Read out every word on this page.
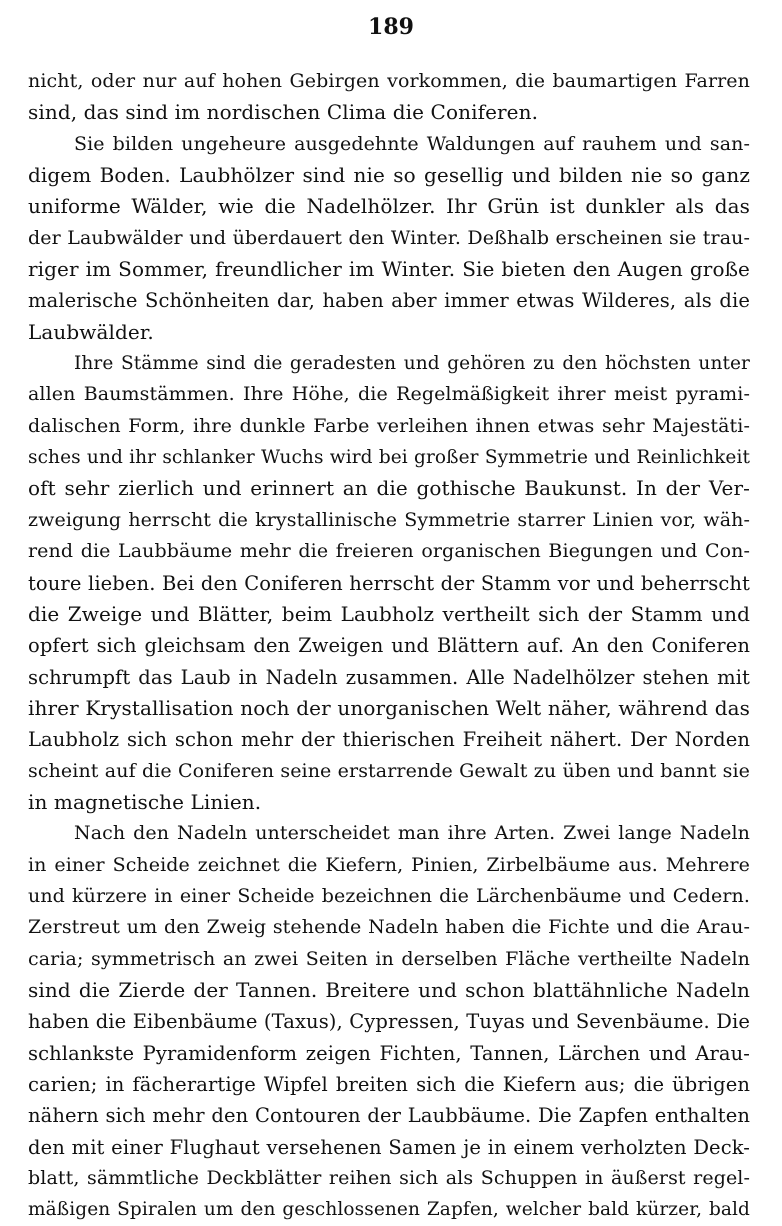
189
nicht, oder nur auf hohen Gebirgen vorkommen, die baumartigen Farren
sind, das sind im nordischen Clima die Coniferen.
Sie bilden ungeheure ausgedehnte Waldungen auf rauhem und san-
digem Boden. Laubhölzer sind nie so gesellig und bilden nie so ganz
uniforme Wälder, wie die Nadelhölzer. Ihr Grün ist dunkler als das
der Laubwälder und überdauert den Winter. Deßhalb erscheinen sie trau-
riger im Sommer, freundlicher im Winter. Sie bieten den Augen große
malerische Schönheiten dar, haben aber immer etwas Wilderes, als die
Laubwälder.
Ihre Stämme sind die geradesten und gehören zu den höchsten unter
allen Baumstämmen. Ihre Höhe, die Regelmäßigkeit ihrer meist pyrami-
dalischen Form, ihre dunkle Farbe verleihen ihnen etwas sehr Majestäti-
sches und ihr schlanker Wuchs wird bei großer Symmetrie und Reinlichkeit
oft sehr zierlich und erinnert an die gothische Baukunst. In der Ver-
zweigung herrscht die krystallinische Symmetrie starrer Linien vor, wäh-
rend die Laubbäume mehr die freieren organischen Biegungen und Con-
toure lieben. Bei den Coniferen herrscht der Stamm vor und beherrscht
die Zweige und Blätter, beim Laubholz vertheilt sich der Stamm und
opfert sich gleichsam den Zweigen und Blättern auf. An den Coniferen
schrumpft das Laub in Nadeln zusammen. Alle Nadelhölzer stehen mit
ihrer Krystallisation noch der unorganischen Welt näher, während das
Laubholz sich schon mehr der thierischen Freiheit nähert. Der Norden
scheint auf die Coniferen seine erstarrende Gewalt zu üben und bannt sie
in magnetische Linien.
Nach den Nadeln unterscheidet man ihre Arten. Zwei lange Nadeln
in einer Scheide zeichnet die Kiefern, Pinien, Zirbelbäume aus. Mehrere
und kürzere in einer Scheide bezeichnen die Lärchenbäume und Cedern.
Zerstreut um den Zweig stehende Nadeln haben die Fichte und die Arau-
caria; symmetrisch an zwei Seiten in derselben Fläche vertheilte Nadeln
sind die Zierde der Tannen. Breitere und schon blattähnliche Nadeln
haben die Eibenbäume (Taxus), Cypressen, Tuyas und Sevenbäume. Die
schlankste Pyramidenform zeigen Fichten, Tannen, Lärchen und Arau-
carien; in fächerartige Wipfel breiten sich die Kiefern aus; die übrigen
nähern sich mehr den Contouren der Laubbäume. Die Zapfen enthalten
den mit einer Flughaut versehenen Samen je in einem verholzten Deck-
blatt, sämmtliche Deckblätter reihen sich als Schuppen in äußerst regel-
mäßigen Spiralen um den geschlossenen Zapfen, welcher bald kürzer, bald
